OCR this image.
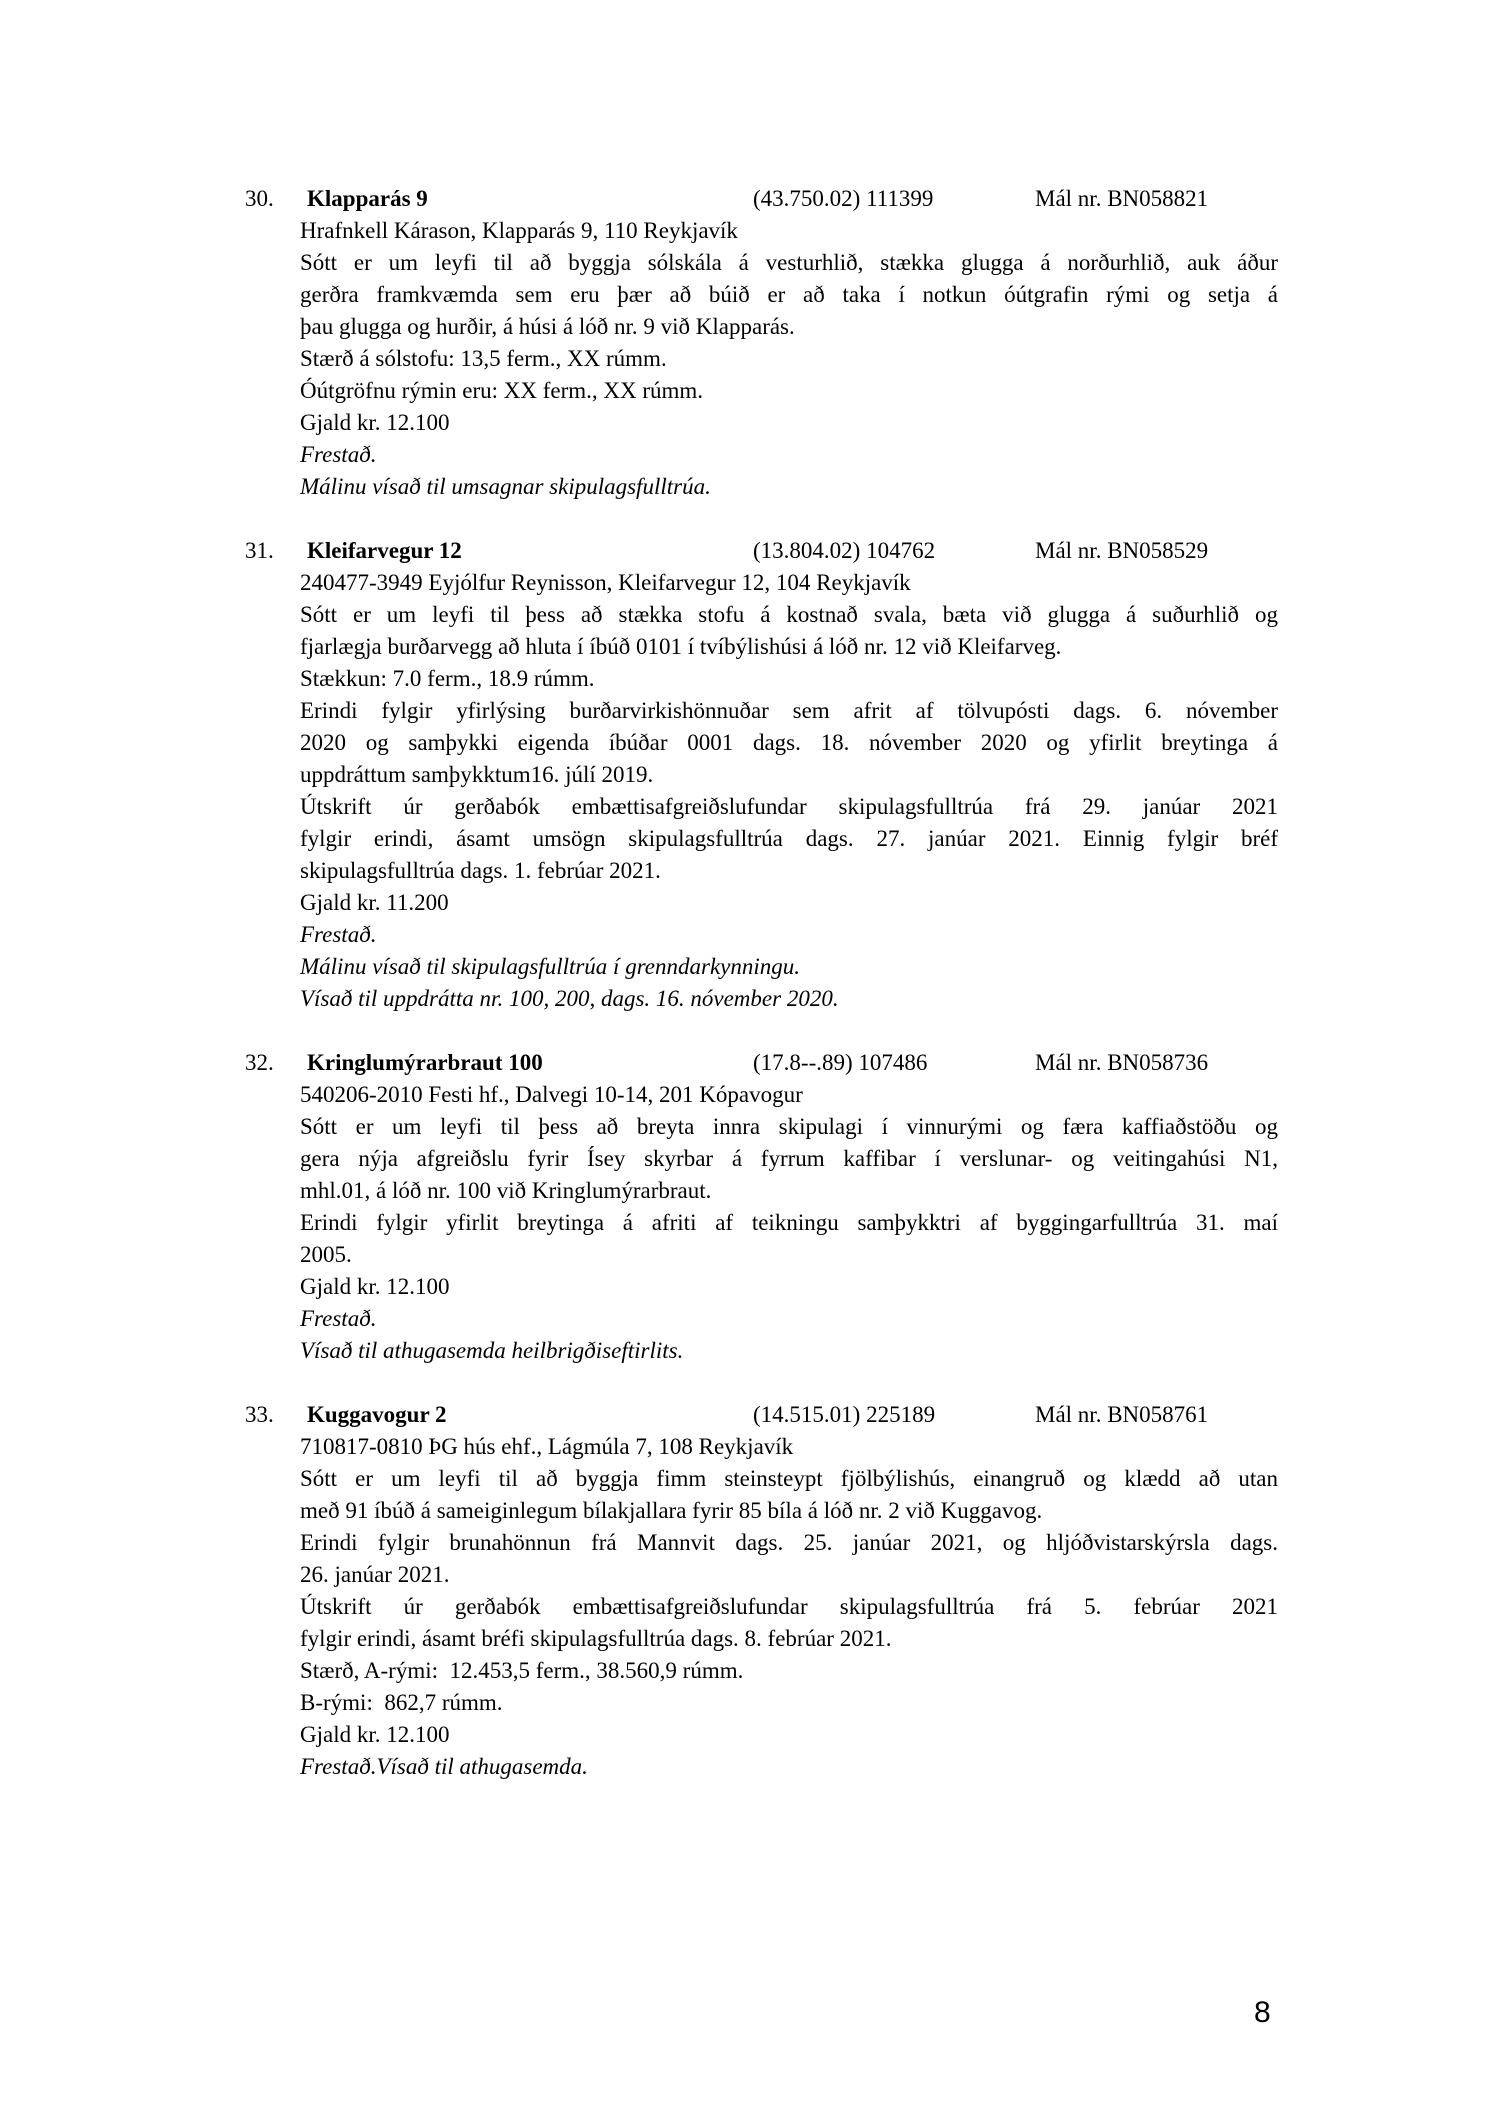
30. Klapparás 9	(43.750.02) 111399	Mál nr. BN058821
Hrafnkell Kárason, Klapparás 9, 110 Reykjavík
Sótt er um leyfi til að byggja sólskála á vesturhlið, stækka glugga á norðurhlið, auk áður
gerðra framkvæmda sem eru þær að búið er að taka í notkun óútgrafin rými og setja á
þau glugga og hurðir, á húsi á lóð nr. 9 við Klapparás.
Stærð á sólstofu: 13,5 ferm., XX rúmm.
Óútgröfnu rýmin eru: XX ferm., XX rúmm.
Gjald kr. 12.100
Frestað.
Málinu vísað til umsagnar skipulagsfulltrúa.
31. Kleifarvegur 12	(13.804.02) 104762	Mál nr. BN058529
240477-3949 Eyjólfur Reynisson, Kleifarvegur 12, 104 Reykjavík
Sótt er um leyfi til þess að stækka stofu á kostnað svala, bæta við glugga á suðurhlið og
fjarlægja burðarvegg að hluta í íbúð 0101 í tvíbýlishúsi á lóð nr. 12 við Kleifarveg.
Stækkun: 7.0 ferm., 18.9 rúmm.
Erindi fylgir yfirlýsing burðarvirkishönnuðar sem afrit af tölvupósti dags. 6. nóvember
2020 og samþykki eigenda íbúðar 0001 dags. 18. nóvember 2020 og yfirlit breytinga á
uppdráttum samþykktum16. júlí 2019.
Útskrift úr gerðabók embættisafgreiðslufundar skipulagsfulltrúa frá 29. janúar 2021
fylgir erindi, ásamt umsögn skipulagsfulltrúa dags. 27. janúar 2021. Einnig fylgir bréf
skipulagsfulltrúa dags. 1. febrúar 2021.
Gjald kr. 11.200
Frestað.
Málinu vísað til skipulagsfulltrúa í grenndarkynningu.
Vísað til uppdrátta nr. 100, 200, dags. 16. nóvember 2020.
32. Kringlumýrarbraut 100	(17.8--.89) 107486	Mál nr. BN058736
540206-2010 Festi hf., Dalvegi 10-14, 201 Kópavogur
Sótt er um leyfi til þess að breyta innra skipulagi í vinnurými og færa kaffiaðstöðu og
gera nýja afgreiðslu fyrir Ísey skyrbar á fyrrum kaffibar í verslunar- og veitingahúsi N1,
mhl.01, á lóð nr. 100 við Kringlumýrarbraut.
Erindi fylgir yfirlit breytinga á afriti af teikningu samþykktri af byggingarfulltrúa 31. maí
2005.
Gjald kr. 12.100
Frestað.
Vísað til athugasemda heilbrigðiseftirlits.
33. Kuggavogur 2	(14.515.01) 225189	Mál nr. BN058761
710817-0810 ÞG hús ehf., Lágmúla 7, 108 Reykjavík
Sótt er um leyfi til að byggja fimm steinsteypt fjölbýlishús, einangruð og klædd að utan
með 91 íbúð á sameiginlegum bílakjallara fyrir 85 bíla á lóð nr. 2 við Kuggavog.
Erindi fylgir brunahönnun frá Mannvit dags. 25. janúar 2021, og hljóðvistarskýrsla dags.
26. janúar 2021.
Útskrift úr gerðabók embættisafgreiðslufundar skipulagsfulltrúa frá 5. febrúar 2021
fylgir erindi, ásamt bréfi skipulagsfulltrúa dags. 8. febrúar 2021.
Stærð, A-rými:  12.453,5 ferm., 38.560,9 rúmm.
B-rými:  862,7 rúmm.
Gjald kr. 12.100
Frestað.Vísað til athugasemda.
8
